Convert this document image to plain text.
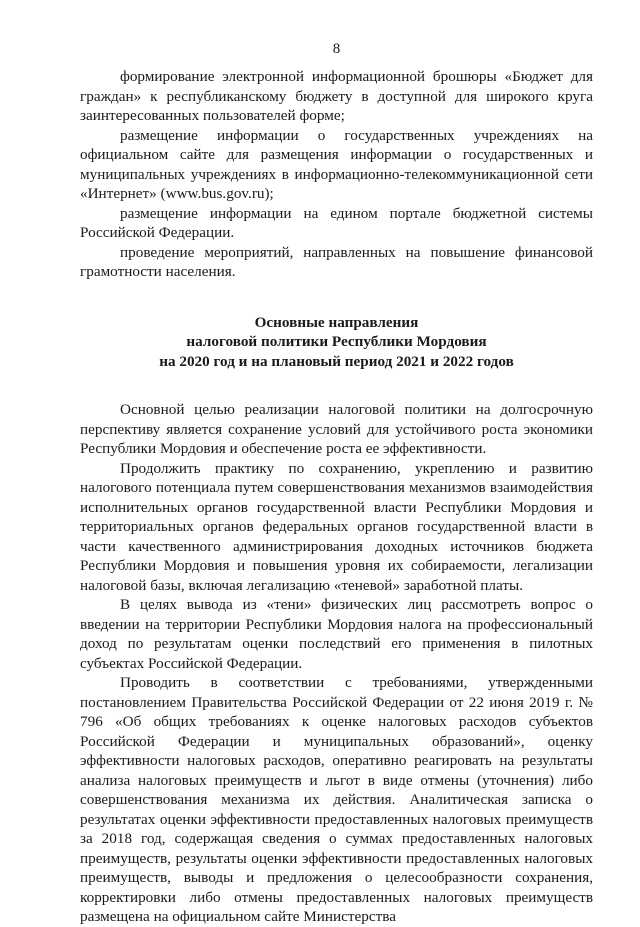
8

формирование электронной информационной брошюры «Бюджет для граждан» к республиканскому бюджету в доступной для широкого круга заинтересованных пользователей форме;

размещение информации о государственных учреждениях на официальном сайте для размещения информации о государственных и муниципальных учреждениях в информационно-телекоммуникационной сети «Интернет» (www.bus.gov.ru);

размещение информации на едином портале бюджетной системы Российской Федерации.

проведение мероприятий, направленных на повышение финансовой грамотности населения.

Основные направления
налоговой политики Республики Мордовия
на 2020 год и на плановый период 2021 и 2022 годов

Основной целью реализации налоговой политики на долгосрочную перспективу является сохранение условий для устойчивого роста экономики Республики Мордовия и обеспечение роста ее эффективности.

Продолжить практику по сохранению, укреплению и развитию налогового потенциала путем совершенствования механизмов взаимодействия исполнительных органов государственной власти Республики Мордовия и территориальных органов федеральных органов государственной власти в части качественного администрирования доходных источников бюджета Республики Мордовия и повышения уровня их собираемости, легализации налоговой базы, включая легализацию «теневой» заработной платы.

В целях вывода из «тени» физических лиц рассмотреть вопрос о введении на территории Республики Мордовия налога на профессиональный доход по результатам оценки последствий его применения в пилотных субъектах Российской Федерации.

Проводить в соответствии с требованиями, утвержденными постановлением Правительства Российской Федерации от 22 июня 2019 г. № 796 «Об общих требованиях к оценке налоговых расходов субъектов Российской Федерации и муниципальных образований», оценку эффективности налоговых расходов, оперативно реагировать на результаты анализа налоговых преимуществ и льгот в виде отмены (уточнения) либо совершенствования механизма их действия. Аналитическая записка о результатах оценки эффективности предоставленных налоговых преимуществ за 2018 год, содержащая сведения о суммах предоставленных налоговых преимуществ, результаты оценки эффективности предоставленных налоговых преимуществ, выводы и предложения о целесообразности сохранения, корректировки либо отмены предоставленных налоговых преимуществ размещена на официальном сайте Министерства
